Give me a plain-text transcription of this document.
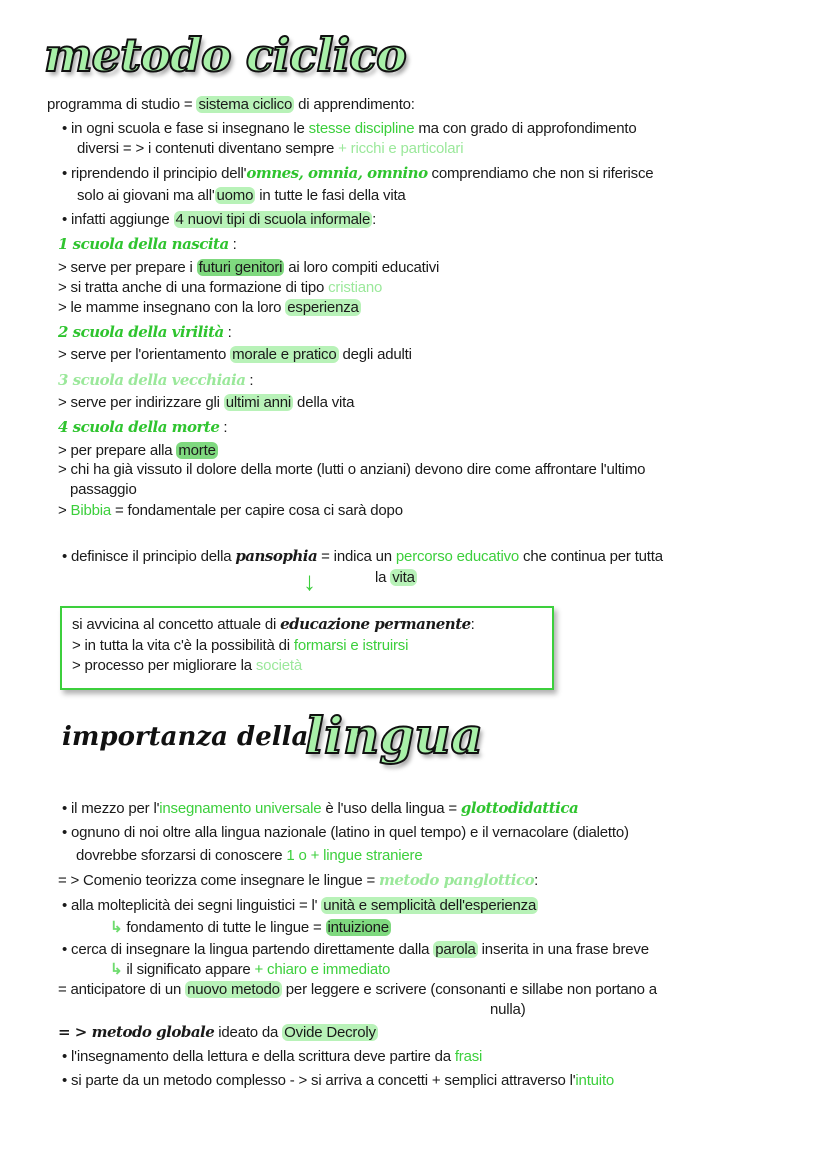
metodo ciclico
↓
importanza della
lingua
programma di studio = sistema ciclico di apprendimento:
• in ogni scuola e fase si insegnano le stesse discipline ma con grado di approfondimento
diversi = > i contenuti diventano sempre + ricchi e particolari
• riprendendo il principio dell'omnes, omnia, omnino comprendiamo che non si riferisce
solo ai giovani ma all' uomo in tutte le fasi della vita
• infatti aggiunge 4 nuovi tipi di scuola informale :
1 scuola della nascita :
> serve per prepare i futuri genitori ai loro compiti educativi
> si tratta anche di una formazione di tipo cristiano
> le mamme insegnano con la loro esperienza
2 scuola della virilità :
> serve per l'orientamento morale e pratico degli adulti
3 scuola della vecchiaia :
> serve per indirizzare gli ultimi anni della vita
4 scuola della morte :
> per prepare alla morte
> chi ha già vissuto il dolore della morte (lutti o anziani) devono dire come affrontare l'ultimo
passaggio
> Bibbia = fondamentale per capire cosa ci sarà dopo
• definisce il principio della pansophia = indica un percorso educativo che continua per tutta
la vita
si avvicina al concetto attuale di educazione permanente:
> in tutta la vita c'è la possibilità di formarsi e istruirsi
> processo per migliorare la società
• il mezzo per l'insegnamento universale è l'uso della lingua = glottodidattica
• ognuno di noi oltre alla lingua nazionale (latino in quel tempo) e il vernacolare (dialetto)
dovrebbe sforzarsi di conoscere 1 o + lingue straniere
= > Comenio teorizza come insegnare le lingue = metodo panglottico:
• alla molteplicità dei segni linguistici = l' unità e semplicità dell'esperienza
↳ fondamento di tutte le lingue = intuizione
• cerca di insegnare la lingua partendo direttamente dalla parola inserita in una frase breve
↳ il significato appare + chiaro e immediato
= anticipatore di un nuovo metodo per leggere e scrivere (consonanti e sillabe non portano a
nulla)
= > metodo globale ideato da Ovide Decroly
• l'insegnamento della lettura e della scrittura deve partire da frasi
• si parte da un metodo complesso - > si arriva a concetti + semplici attraverso l'intuito
